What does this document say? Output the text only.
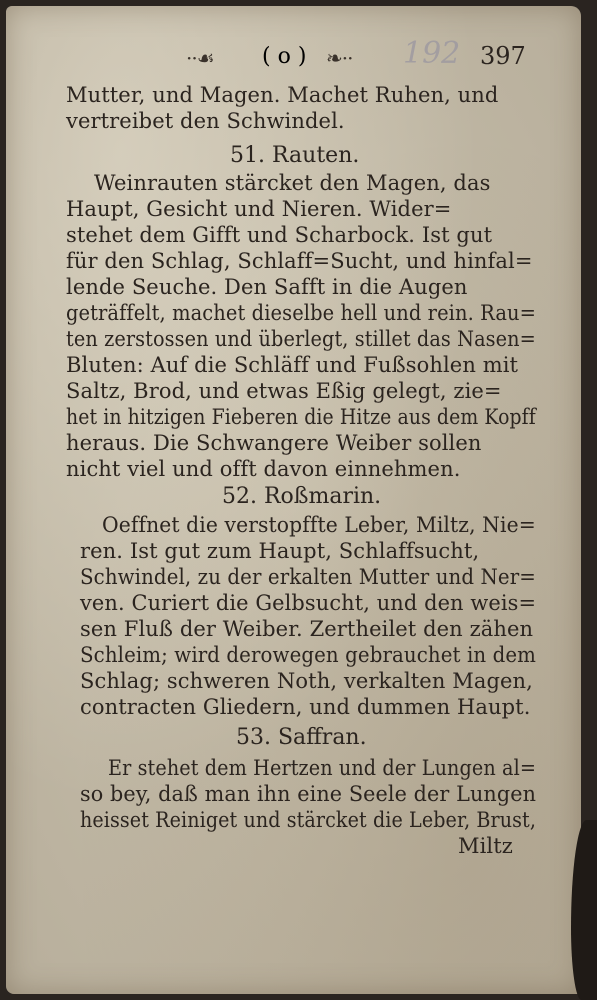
··☙ ( o ) ❧·· 192 397
Mutter, und Magen. Machet Ruhen, und
vertreibet den Schwindel.
51. Rauten.
Weinrauten stärcket den Magen, das
Haupt, Gesicht und Nieren. Wider=
stehet dem Gifft und Scharbock. Ist gut
für den Schlag, Schlaff=Sucht, und hinfal=
lende Seuche. Den Safft in die Augen
geträffelt, machet dieselbe hell und rein. Rau=
ten zerstossen und überlegt, stillet das Nasen=
Bluten: Auf die Schläff und Fußsohlen mit
Saltz, Brod, und etwas Eßig gelegt, zie=
het in hitzigen Fieberen die Hitze aus dem Kopff
heraus. Die Schwangere Weiber sollen
nicht viel und offt davon einnehmen.
52. Roßmarin.
Oeffnet die verstopffte Leber, Miltz, Nie=
ren. Ist gut zum Haupt, Schlaffsucht,
Schwindel, zu der erkalten Mutter und Ner=
ven. Curiert die Gelbsucht, und den weis=
sen Fluß der Weiber. Zertheilet den zähen
Schleim; wird derowegen gebrauchet in dem
Schlag; schweren Noth, verkalten Magen,
contracten Gliedern, und dummen Haupt.
53. Saffran.
Er stehet dem Hertzen und der Lungen al=
so bey, daß man ihn eine Seele der Lungen
heisset Reiniget und stärcket die Leber, Brust,
Miltz
